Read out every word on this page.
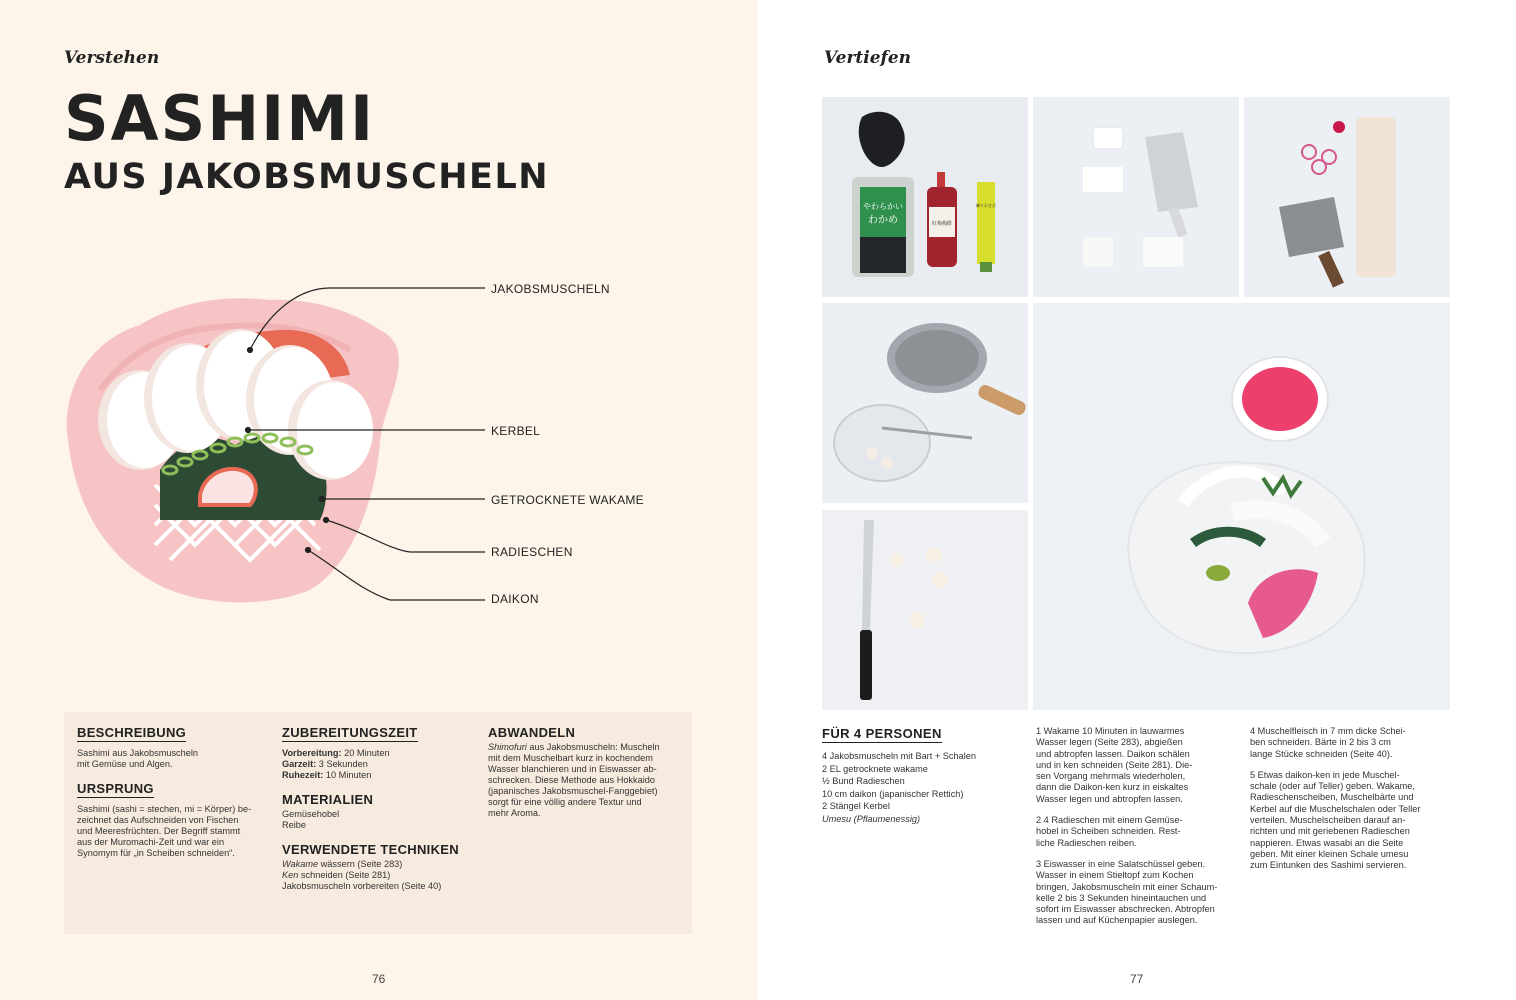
Verstehen
SASHIMI
AUS JAKOBSMUSCHELN
JAKOBSMUSCHELN
KERBEL
GETROCKNETE WAKAME
RADIESCHEN
DAIKON
BESCHREIBUNG
Sashimi aus Jakobsmuscheln
mit Gemüse und Algen.
URSPRUNG
Sashimi (sashi = stechen, mi = Körper) be-
zeichnet das Aufschneiden von Fischen
und Meeresfrüchten. Der Begriff stammt
aus der Muromachi-Zeit und war ein
Synomym für „in Scheiben schneiden“.
ZUBEREITUNGSZEIT
Vorbereitung: 20 Minuten
Garzeit: 3 Sekunden
Ruhezeit: 10 Minuten
MATERIALIEN
Gemüsehobel
Reibe
VERWENDETE TECHNIKEN
Wakame wässern (Seite 283)
Ken schneiden (Seite 281)
Jakobsmuscheln vorbereiten (Seite 40)
ABWANDELN
Shimofuri aus Jakobsmuscheln: Muscheln
mit dem Muschelbart kurz in kochendem
Wasser blanchieren und in Eiswasser ab-
schrecken. Diese Methode aus Hokkaido
(japanisches Jakobsmuschel-Fanggebiet)
sorgt für eine völlig andere Textur und
mehr Aroma.
76
Vertiefen
やわらかい
わかめ	紅梅梅酢
練りわさび
FÜR 4 PERSONEN
4 Jakobsmuscheln mit Bart + Schalen
2 EL getrocknete wakame
½ Bund Radieschen
10 cm daikon (japanischer Rettich)
2 Stängel Kerbel
Umesu (Pflaumenessig)
1 Wakame 10 Minuten in lauwarmes
Wasser legen (Seite 283), abgießen
und abtropfen lassen. Daikon schälen
und in ken schneiden (Seite 281). Die-
sen Vorgang mehrmals wiederholen,
dann die Daikon-ken kurz in eiskaltes
Wasser legen und abtropfen lassen.
2 4 Radieschen mit einem Gemüse-
hobel in Scheiben schneiden. Rest-
liche Radieschen reiben.
3 Eiswasser in eine Salatschüssel geben.
Wasser in einem Stieltopf zum Kochen
bringen, Jakobsmuscheln mit einer Schaum-
kelle 2 bis 3 Sekunden hineintauchen und
sofort im Eiswasser abschrecken. Abtropfen
lassen und auf Küchenpapier auslegen.
4 Muschelfleisch in 7 mm dicke Schei-
ben schneiden. Bärte in 2 bis 3 cm
lange Stücke schneiden (Seite 40).
5 Etwas daikon-ken in jede Muschel-
schale (oder auf Teller) geben. Wakame,
Radieschenscheiben, Muschelbärte und
Kerbel auf die Muschelschalen oder Teller
verteilen. Muschelscheiben darauf an-
richten und mit geriebenen Radieschen
nappieren. Etwas wasabi an die Seite
geben. Mit einer kleinen Schale umesu
zum Eintunken des Sashimi servieren.
77
